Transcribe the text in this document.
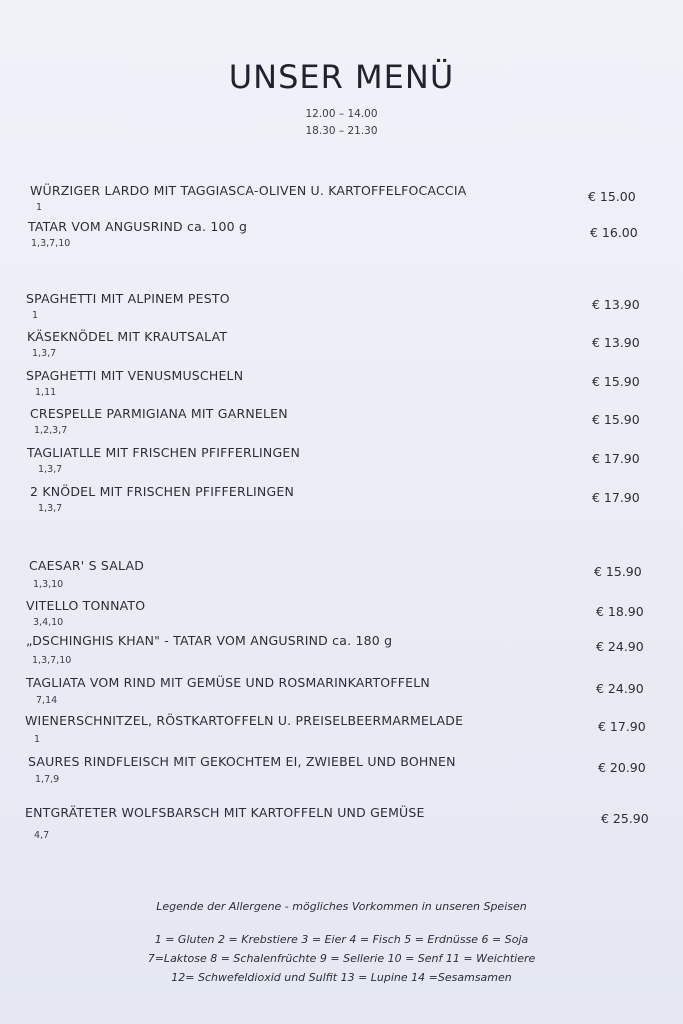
UNSER MENÜ
12.00 – 14.00
18.30 – 21.30
WÜRZIGER LARDO MIT TAGGIASCA-OLIVEN U. KARTOFFELFOCACCIA	€ 15.00
1
TATAR VOM ANGUSRIND ca. 100 g	€ 16.00
1,3,7,10
SPAGHETTI MIT ALPINEM PESTO	€ 13.90
1
KÄSEKNÖDEL MIT KRAUTSALAT	€ 13.90
1,3,7
SPAGHETTI MIT VENUSMUSCHELN	€ 15.90
1,11
CRESPELLE PARMIGIANA MIT GARNELEN	€ 15.90
1,2,3,7
TAGLIATLLE MIT FRISCHEN PFIFFERLINGEN	€ 17.90
1,3,7
2 KNÖDEL MIT FRISCHEN PFIFFERLINGEN	€ 17.90
1,3,7
CAESAR' S SALAD	€ 15.90
1,3,10
VITELLO TONNATO	€ 18.90
3,4,10
„DSCHINGHIS KHAN" - TATAR VOM ANGUSRIND ca. 180 g	€ 24.90
1,3,7,10
TAGLIATA VOM RIND MIT GEMÜSE UND ROSMARINKARTOFFELN	€ 24.90
7,14
WIENERSCHNITZEL, RÖSTKARTOFFELN U. PREISELBEERMARMELADE	€ 17.90
1
SAURES RINDFLEISCH MIT GEKOCHTEM EI, ZWIEBEL UND BOHNEN	€ 20.90
1,7,9
ENTGRÄTETER WOLFSBARSCH MIT KARTOFFELN UND GEMÜSE	€ 25.90
4,7
Legende der Allergene - mögliches Vorkommen in unseren Speisen
1 = Gluten 2 = Krebstiere 3 = Eier 4 = Fisch 5 = Erdnüsse 6 = Soja
7=Laktose 8 = Schalenfrüchte 9 = Sellerie 10 = Senf 11 = Weichtiere
12= Schwefeldioxid und Sulfit 13 = Lupine 14 =Sesamsamen
